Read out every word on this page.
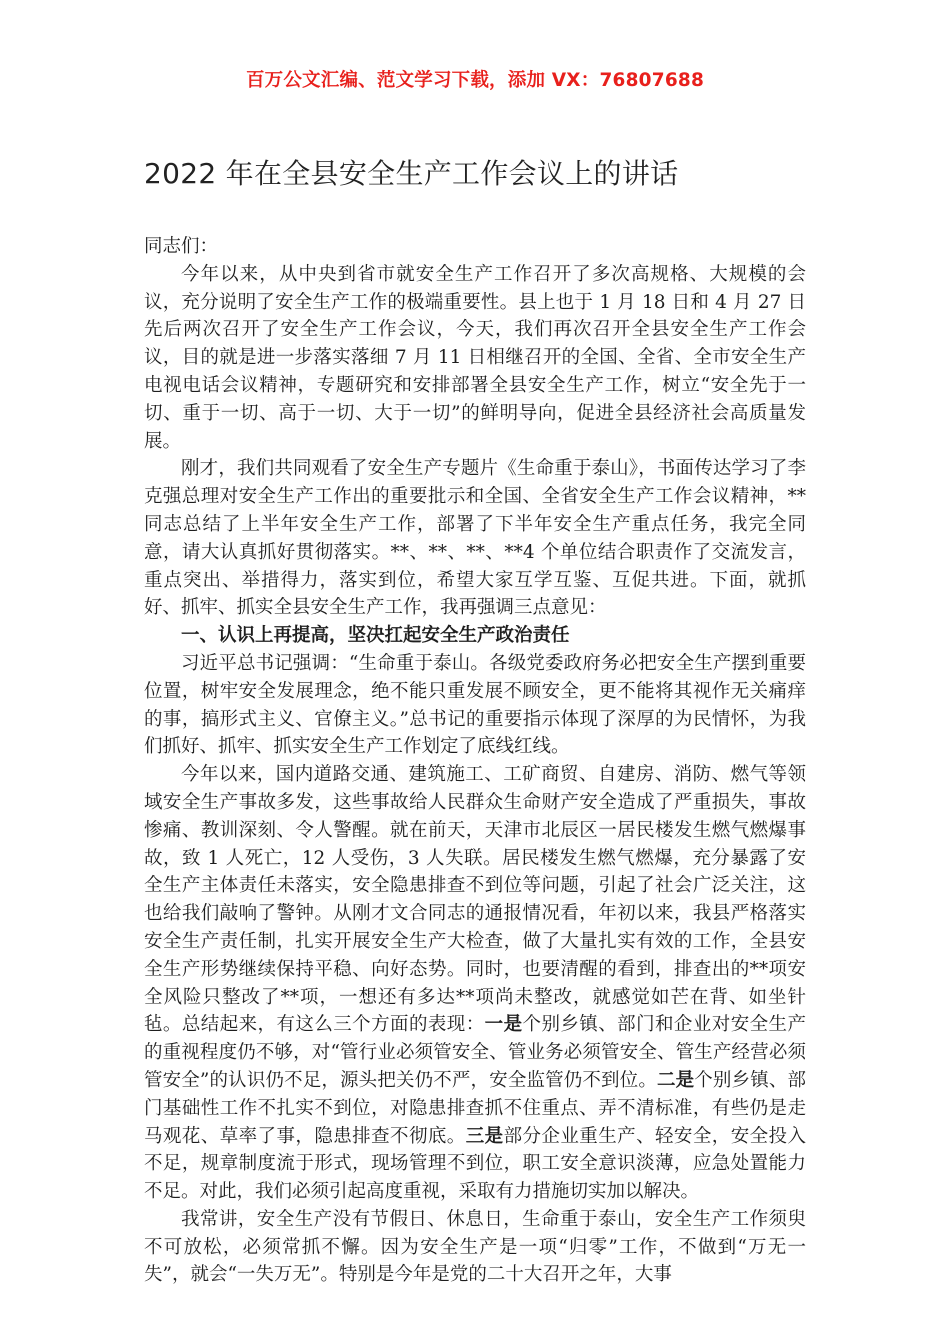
百万公文汇编、范文学习下载，添加 VX：76807688
2022 年在全县安全生产工作会议上的讲话

同志们：

今年以来，从中央到省市就安全生产工作召开了多次高规格、大规模的会议，充分说明了安全生产工作的极端重要性。县上也于 1 月 18 日和 4 月 27 日先后两次召开了安全生产工作会议，今天，我们再次召开全县安全生产工作会议，目的就是进一步落实落细 7 月 11 日相继召开的全国、全省、全市安全生产电视电话会议精神，专题研究和安排部署全县安全生产工作，树立“安全先于一切、重于一切、高于一切、大于一切”的鲜明导向，促进全县经济社会高质量发展。

刚才，我们共同观看了安全生产专题片《生命重于泰山》，书面传达学习了李克强总理对安全生产工作出的重要批示和全国、全省安全生产工作会议精神，**同志总结了上半年安全生产工作，部署了下半年安全生产重点任务，我完全同意，请大认真抓好贯彻落实。**、**、**、**4 个单位结合职责作了交流发言，重点突出、举措得力，落实到位，希望大家互学互鉴、互促共进。下面，就抓好、抓牢、抓实全县安全生产工作，我再强调三点意见：

一、认识上再提高，坚决扛起安全生产政治责任

习近平总书记强调：“生命重于泰山。各级党委政府务必把安全生产摆到重要位置，树牢安全发展理念，绝不能只重发展不顾安全，更不能将其视作无关痛痒的事，搞形式主义、官僚主义。”总书记的重要指示体现了深厚的为民情怀，为我们抓好、抓牢、抓实安全生产工作划定了底线红线。

今年以来，国内道路交通、建筑施工、工矿商贸、自建房、消防、燃气等领域安全生产事故多发，这些事故给人民群众生命财产安全造成了严重损失，事故惨痛、教训深刻、令人警醒。就在前天，天津市北辰区一居民楼发生燃气燃爆事故，致 1 人死亡，12 人受伤，3 人失联。居民楼发生燃气燃爆，充分暴露了安全生产主体责任未落实，安全隐患排查不到位等问题，引起了社会广泛关注，这也给我们敲响了警钟。从刚才文合同志的通报情况看，年初以来，我县严格落实安全生产责任制，扎实开展安全生产大检查，做了大量扎实有效的工作，全县安全生产形势继续保持平稳、向好态势。同时，也要清醒的看到，排查出的**项安全风险只整改了**项，一想还有多达**项尚未整改，就感觉如芒在背、如坐针毡。总结起来，有这么三个方面的表现：一是个别乡镇、部门和企业对安全生产的重视程度仍不够，对“管行业必须管安全、管业务必须管安全、管生产经营必须管安全”的认识仍不足，源头把关仍不严，安全监管仍不到位。二是个别乡镇、部门基础性工作不扎实不到位，对隐患排查抓不住重点、弄不清标准，有些仍是走马观花、草率了事，隐患排查不彻底。三是部分企业重生产、轻安全，安全投入不足，规章制度流于形式，现场管理不到位，职工安全意识淡薄，应急处置能力不足。对此，我们必须引起高度重视，采取有力措施切实加以解决。

我常讲，安全生产没有节假日、休息日，生命重于泰山，安全生产工作须臾不可放松，必须常抓不懈。因为安全生产是一项“归零”工作，不做到“万无一失”，就会“一失万无”。特别是今年是党的二十大召开之年，大事
